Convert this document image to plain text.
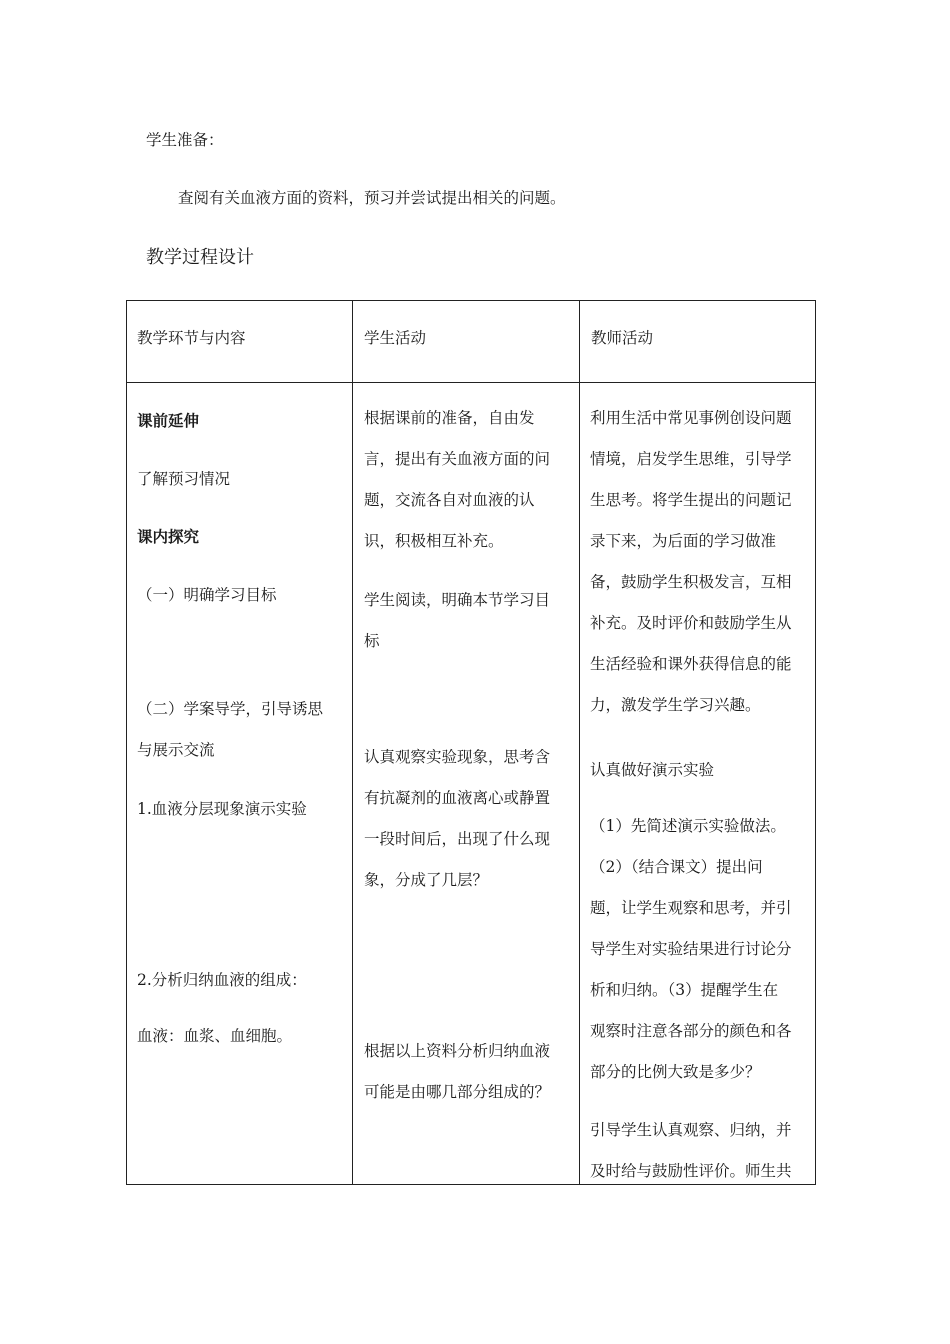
学生准备：
查阅有关血液方面的资料，预习并尝试提出相关的问题。
教学过程设计
教学环节与内容	学生活动	教师活动
课前延伸
了解预习情况
课内探究
（一）明确学习目标
（二）学案导学，引导诱思
与展示交流
1.血液分层现象演示实验
2.分析归纳血液的组成：
血液：血浆、血细胞。

根据课前的准备，自由发

言，提出有关血液方面的问

题，交流各自对血液的认

识，积极相互补充。

学生阅读，明确本节学习目

标

认真观察实验现象，思考含

有抗凝剂的血液离心或静置

一段时间后，出现了什么现

象，分成了几层？

根据以上资料分析归纳血液

可能是由哪几部分组成的？

利用生活中常见事例创设问题

情境，启发学生思维，引导学

生思考。将学生提出的问题记

录下来，为后面的学习做准

备，鼓励学生积极发言，互相

补充。及时评价和鼓励学生从

生活经验和课外获得信息的能

力，激发学生学习兴趣。

认真做好演示实验

（1）先简述演示实验做法。

（2）（结合课文）提出问

题，让学生观察和思考，并引

导学生对实验结果进行讨论分

析和归纳。（3）提醒学生在

观察时注意各部分的颜色和各

部分的比例大致是多少？

引导学生认真观察、归纳，并

及时给与鼓励性评价。师生共
